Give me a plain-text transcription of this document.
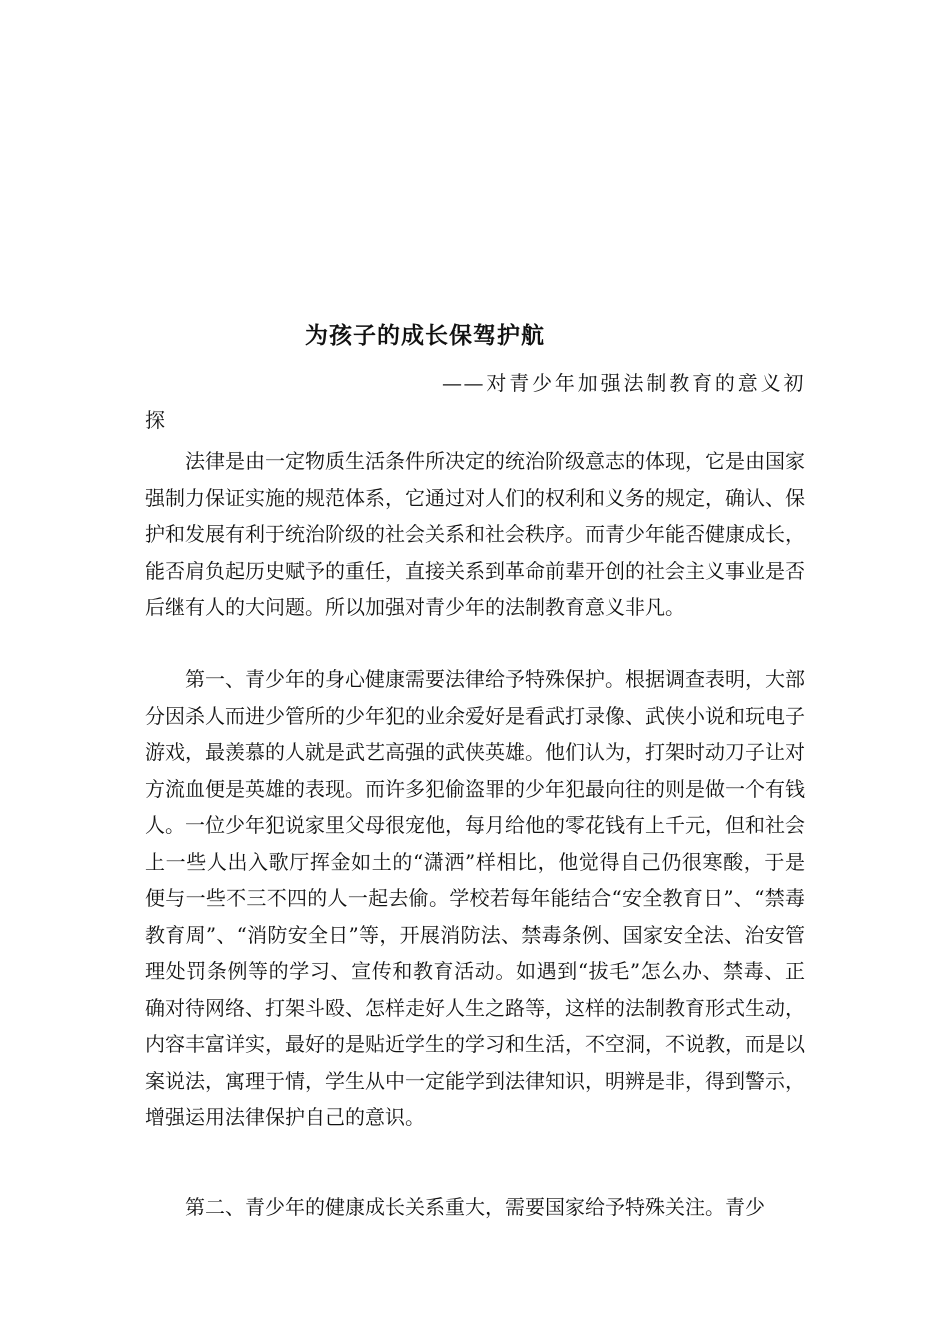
为孩子的成长保驾护航
——对青少年加强法制教育的意义初探
法律是由一定物质生活条件所决定的统治阶级意志的体现，它是由国家强制力保证实施的规范体系，它通过对人们的权利和义务的规定，确认、保护和发展有利于统治阶级的社会关系和社会秩序。而青少年能否健康成长，能否肩负起历史赋予的重任，直接关系到革命前辈开创的社会主义事业是否后继有人的大问题。所以加强对青少年的法制教育意义非凡。
第一、青少年的身心健康需要法律给予特殊保护。根据调查表明，大部分因杀人而进少管所的少年犯的业余爱好是看武打录像、武侠小说和玩电子游戏，最羡慕的人就是武艺高强的武侠英雄。他们认为，打架时动刀子让对方流血便是英雄的表现。而许多犯偷盗罪的少年犯最向往的则是做一个有钱人。一位少年犯说家里父母很宠他，每月给他的零花钱有上千元，但和社会上一些人出入歌厅挥金如土的“潇洒”样相比，他觉得自己仍很寒酸，于是便与一些不三不四的人一起去偷。学校若每年能结合“安全教育日”、“禁毒教育周”、“消防安全日”等，开展消防法、禁毒条例、国家安全法、治安管理处罚条例等的学习、宣传和教育活动。如遇到“拔毛”怎么办、禁毒、正确对待网络、打架斗殴、怎样走好人生之路等，这样的法制教育形式生动，内容丰富详实，最好的是贴近学生的学习和生活，不空洞，不说教，而是以案说法，寓理于情，学生从中一定能学到法律知识，明辨是非，得到警示，增强运用法律保护自己的意识。
第二、青少年的健康成长关系重大，需要国家给予特殊关注。青少
